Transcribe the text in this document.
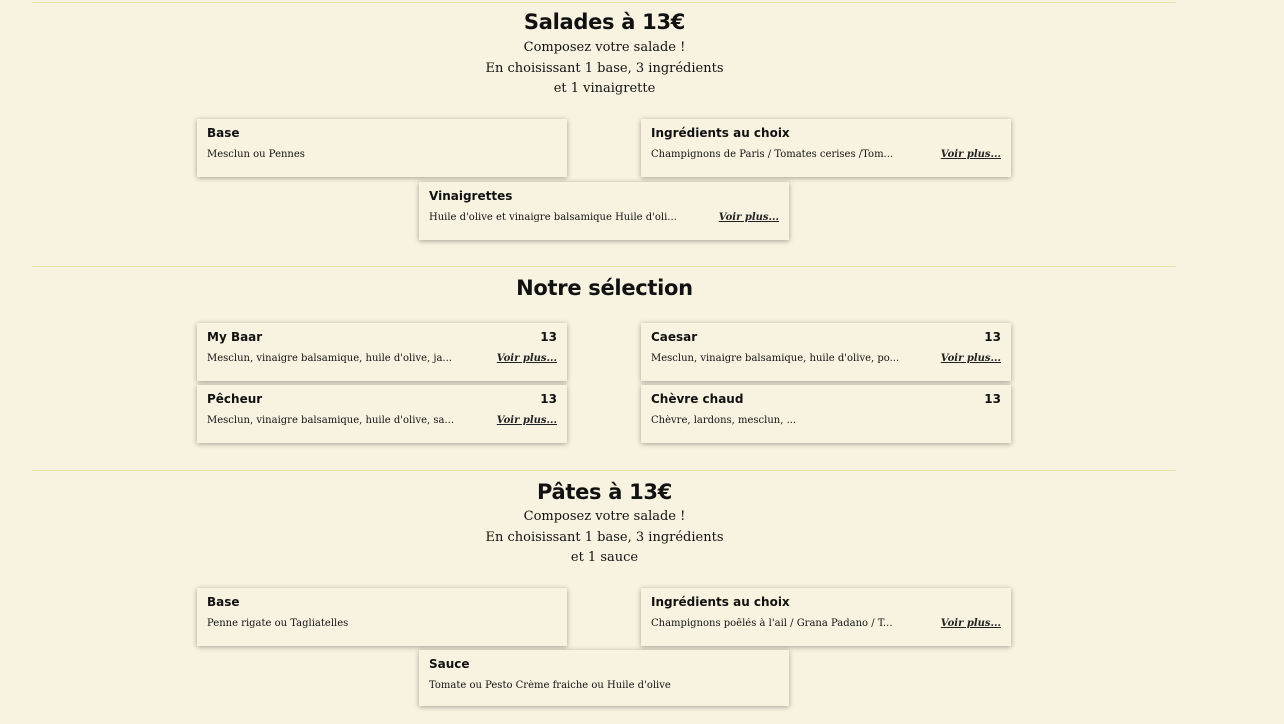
Salades à 13€
Composez votre salade !
En choisissant 1 base, 3 ingrédients
et 1 vinaigrette
Base
Mesclun ou Pennes
Ingrédients au choix
Champignons de Paris / Tomates cerises /Tom...	Voir plus...
Vinaigrettes
Huile d'olive et vinaigre balsamique Huile d'oli...	Voir plus...
Notre sélection
My Baar	13
Mesclun, vinaigre balsamique, huile d'olive, ja...	Voir plus...
Caesar	13
Mesclun, vinaigre balsamique, huile d'olive, po...	Voir plus...
Pêcheur	13
Mesclun, vinaigre balsamique, huile d'olive, sa...	Voir plus...
Chèvre chaud	13
Chèvre, lardons, mesclun, ...
Pâtes à 13€
Composez votre salade !
En choisissant 1 base, 3 ingrédients
et 1 sauce
Base
Penne rigate ou Tagliatelles
Ingrédients au choix
Champignons poêlés à l'ail / Grana Padano / T...	Voir plus...
Sauce
Tomate ou Pesto Crème fraiche ou Huile d'olive
